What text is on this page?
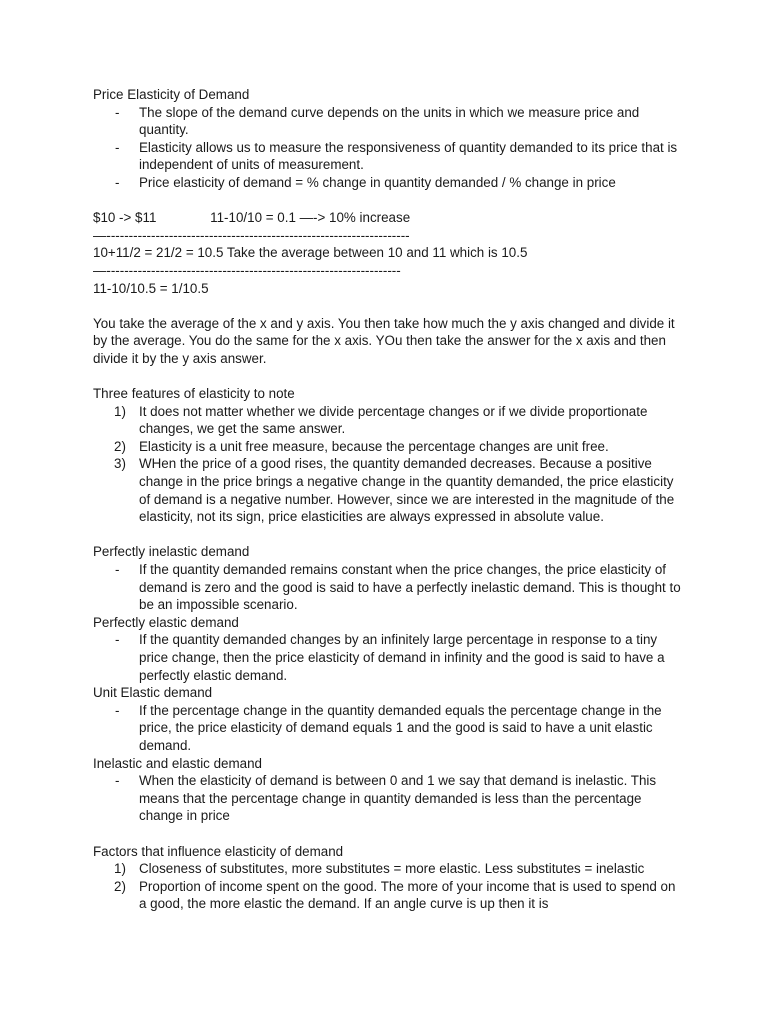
Price Elasticity of Demand
-	The slope of the demand curve depends on the units in which we measure price and quantity.
-	Elasticity allows us to measure the responsiveness of quantity demanded to its price that is independent of units of measurement.
-	Price elasticity of demand = % change in quantity demanded / % change in price
$10 -> $11	11-10/10 = 0.1 —-> 10% increase
—--------------------------------------------------------------------
10+11/2 = 21/2 = 10.5 Take the average between 10 and 11 which is 10.5
—------------------------------------------------------------------
11-10/10.5 = 1/10.5
You take the average of the x and y axis. You then take how much the y axis changed and divide it by the average. You do the same for the x axis. YOu then take the answer for the x axis and then divide it by the y axis answer.
Three features of elasticity to note
1) It does not matter whether we divide percentage changes or if we divide proportionate changes, we get the same answer.
2) Elasticity is a unit free measure, because the percentage changes are unit free.
3) WHen the price of a good rises, the quantity demanded decreases. Because a positive change in the price brings a negative change in the quantity demanded, the price elasticity of demand is a negative number. However, since we are interested in the magnitude of the elasticity, not its sign, price elasticities are always expressed in absolute value.
Perfectly inelastic demand
-	If the quantity demanded remains constant when the price changes, the price elasticity of demand is zero and the good is said to have a perfectly inelastic demand. This is thought to be an impossible scenario.
Perfectly elastic demand
-	If the quantity demanded changes by an infinitely large percentage in response to a tiny price change, then the price elasticity of demand in infinity and the good is said to have a perfectly elastic demand.
Unit Elastic demand
-	If the percentage change in the quantity demanded equals the percentage change in the price, the price elasticity of demand equals 1 and the good is said to have a unit elastic demand.
Inelastic and elastic demand
-	When the elasticity of demand is between 0 and 1 we say that demand is inelastic. This means that the percentage change in quantity demanded is less than the percentage change in price
Factors that influence elasticity of demand
1) Closeness of substitutes, more substitutes = more elastic. Less substitutes = inelastic
2) Proportion of income spent on the good. The more of your income that is used to spend on a good, the more elastic the demand. If an angle curve is up then it is
